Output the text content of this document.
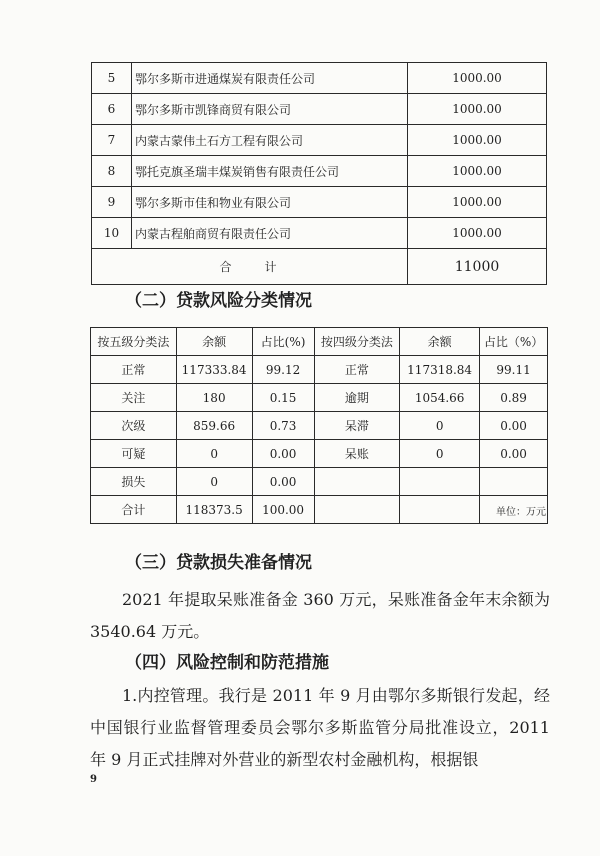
5	鄂尔多斯市进通煤炭有限责任公司	1000.00
6	鄂尔多斯市凯锋商贸有限公司	1000.00
7	内蒙古蒙伟土石方工程有限公司	1000.00
8	鄂托克旗圣瑞丰煤炭销售有限责任公司	1000.00
9	鄂尔多斯市佳和物业有限公司	1000.00
10	内蒙古程舶商贸有限责任公司	1000.00
合　　计		11000
（二）贷款风险分类情况
按五级分类法	余额	占比(%)	按四级分类法	余额	占比（%）
正常	117333.84	99.12	正常	117318.84	99.11
关注	180	0.15	逾期	1054.66	0.89
次级	859.66	0.73	呆滞	0	0.00
可疑	0	0.00	呆账	0	0.00
损失	0	0.00			
合计	118373.5	100.00				单位：万元
（三）贷款损失准备情况

2021 年提取呆账准备金 360 万元，呆账准备金年末余额为 3540.64 万元。

（四）风险控制和防范措施

1.内控管理。我行是 2011 年 9 月由鄂尔多斯银行发起，经中国银行业监督管理委员会鄂尔多斯监管分局批准设立，2011 年 9 月正式挂牌对外营业的新型农村金融机构，根据银

9
